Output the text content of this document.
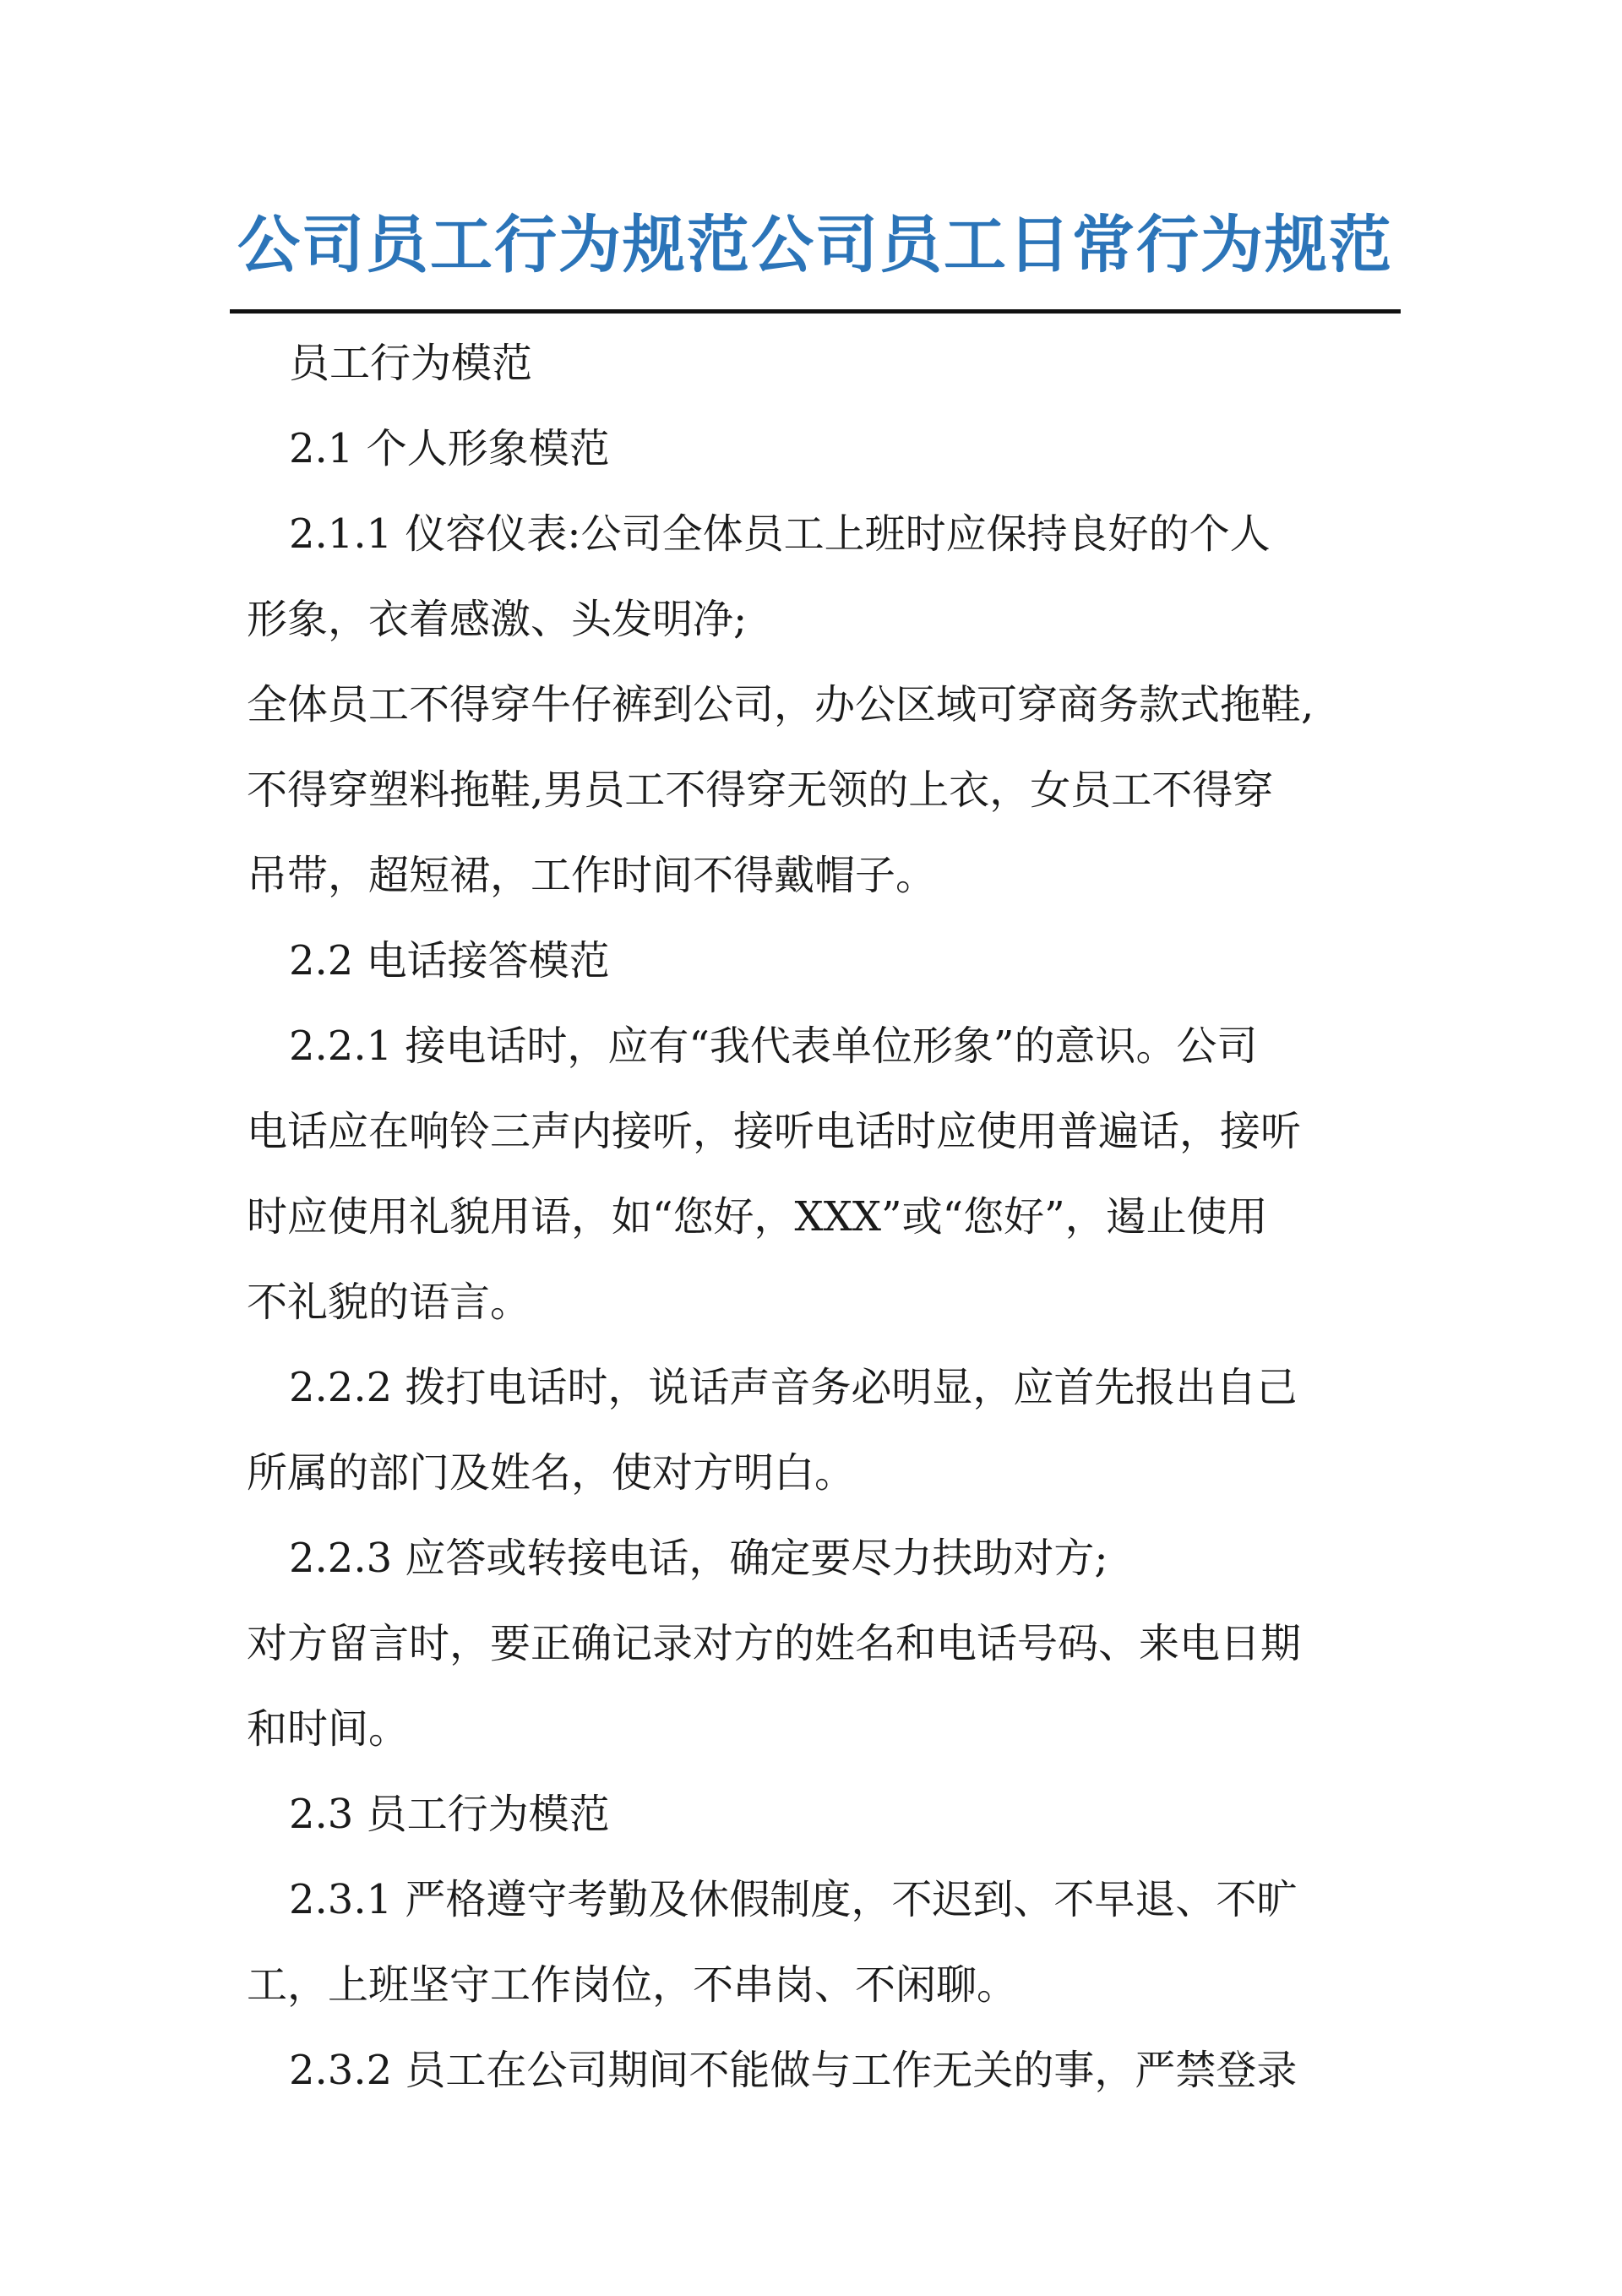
公司员工行为规范公司员工日常行为规范

员工行为模范

2.1 个人形象模范

2.1.1 仪容仪表:公司全体员工上班时应保持良好的个人

形象，衣着感激、头发明净;

全体员工不得穿牛仔裤到公司，办公区域可穿商务款式拖鞋,

不得穿塑料拖鞋,男员工不得穿无领的上衣，女员工不得穿

吊带，超短裙，工作时间不得戴帽子。

2.2 电话接答模范

2.2.1 接电话时，应有“我代表单位形象”的意识。公司

电话应在响铃三声内接听，接听电话时应使用普遍话，接听

时应使用礼貌用语，如“您好，XXX”或“您好”，遏止使用

不礼貌的语言。

2.2.2 拨打电话时，说话声音务必明显，应首先报出自己

所属的部门及姓名，使对方明白。

2.2.3 应答或转接电话，确定要尽力扶助对方;

对方留言时，要正确记录对方的姓名和电话号码、来电日期

和时间。

2.3 员工行为模范

2.3.1 严格遵守考勤及休假制度，不迟到、不早退、不旷

工，上班坚守工作岗位，不串岗、不闲聊。

2.3.2 员工在公司期间不能做与工作无关的事，严禁登录
